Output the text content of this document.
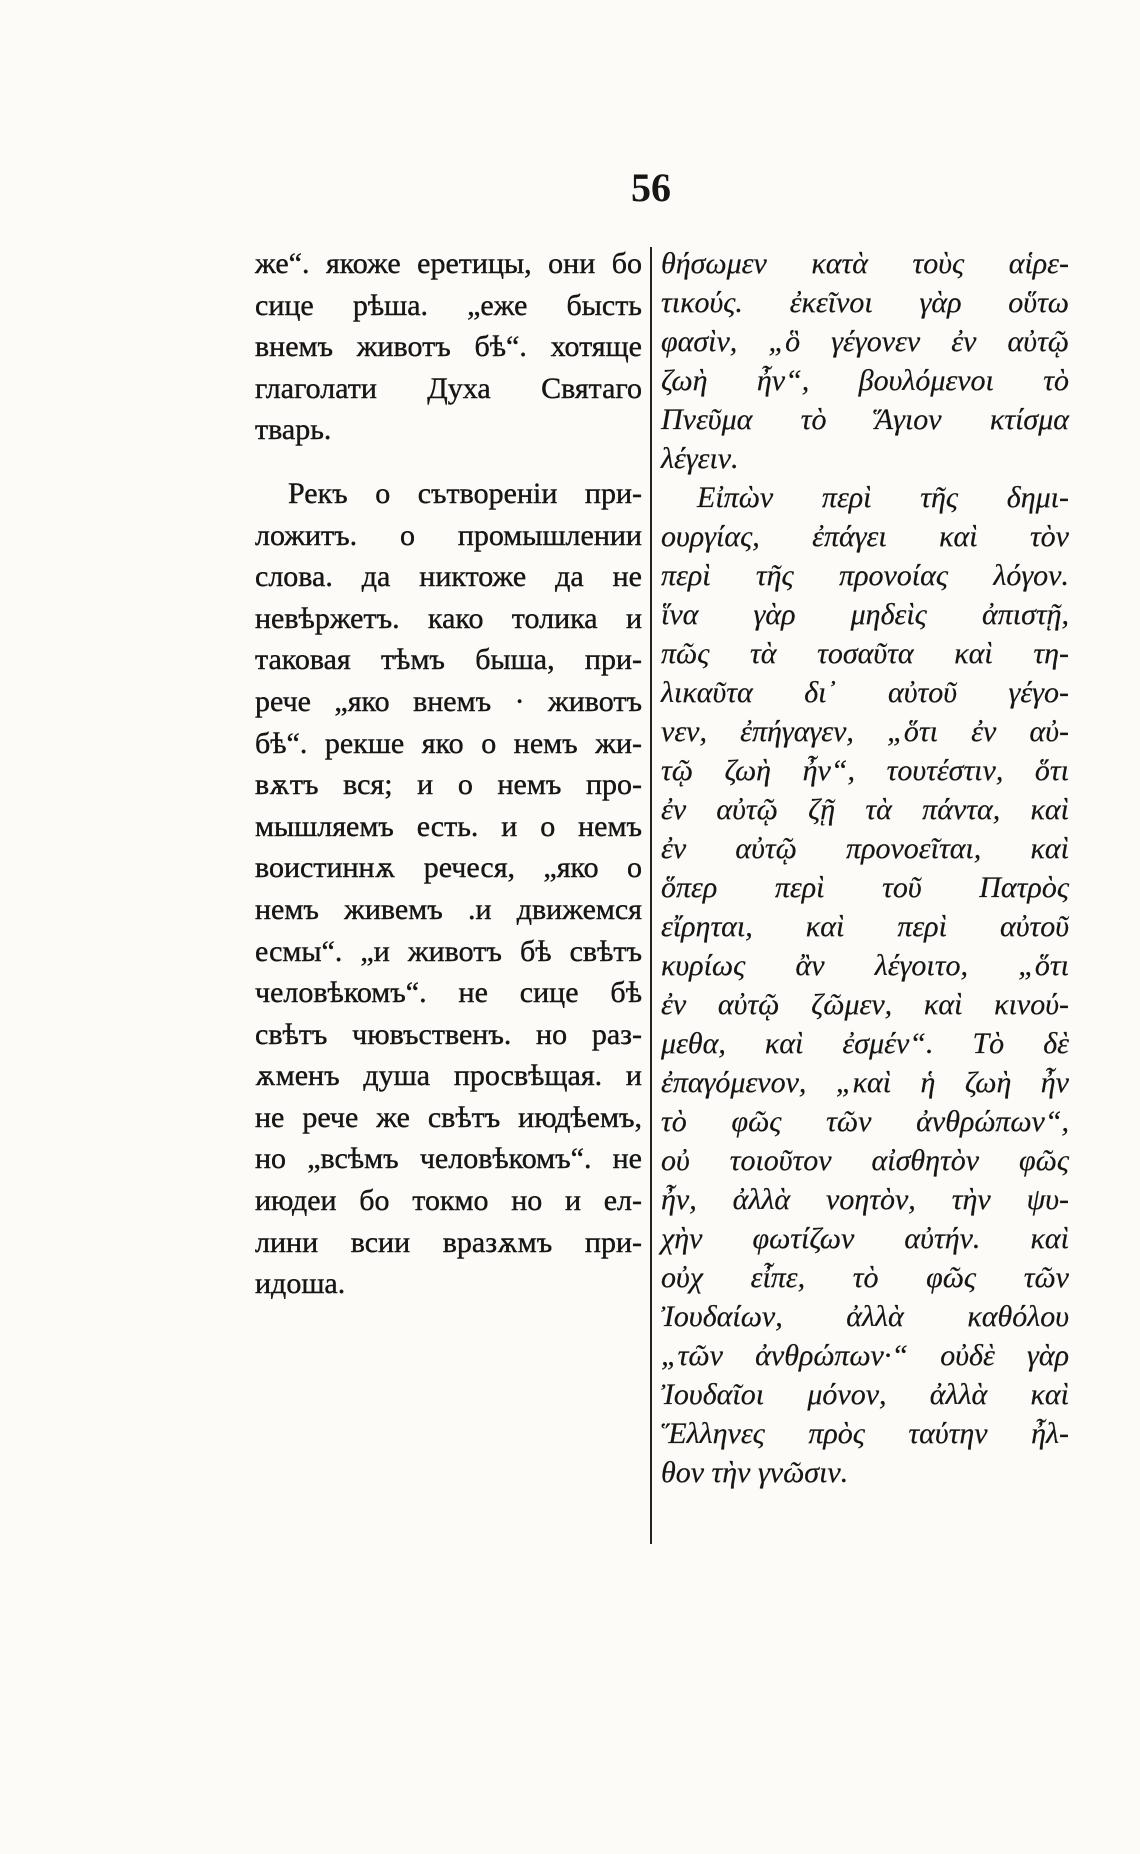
56
же“. якоже еретицы, они бо
сице рѣша. „еже бысть
внемъ животъ бѣ“. хотяще
глаголати Духа Святаго
тварь.
Рекъ о сътвореніи при-
ложитъ. о промышлении
слова. да никтоже да не
невѣржетъ. како толика и
таковая тѣмъ быша, при-
рече „яко внемъ · животъ
бѣ“. рекше яко о немъ жи-
вѫтъ вся; и о немъ про-
мышляемъ есть. и о немъ
воистиннѫ речеся, „яко о
немъ живемъ .и движемся
есмы“. „и животъ бѣ свѣтъ
человѣкомъ“. не сице бѣ
свѣтъ чювъственъ. но раз-
ѫменъ душа просвѣщая. и
не рече же свѣтъ июдѣемъ,
но „всѣмъ человѣкомъ“. не
июдеи бо токмо но и ел-
лини всии вразѫмъ при-
идоша.
θήσωμεν κατὰ τοὺς αἱρε-
τικούς. ἐκεῖνοι γὰρ οὕτω
φασὶν, „ὃ γέγονεν ἐν αὐτῷ
ζωὴ ἦν“, βουλόμενοι τὸ
Πνεῦμα τὸ Ἅγιον κτίσμα
λέγειν.
Εἰπὼν περὶ τῆς δημι-
ουργίας, ἐπάγει καὶ τὸν
περὶ τῆς προνοίας λόγον.
ἵνα γὰρ μηδεὶς ἀπιστῇ,
πῶς τὰ τοσαῦτα καὶ τη-
λικαῦτα δι᾿ αὐτοῦ γέγο-
νεν, ἐπήγαγεν, „ὅτι ἐν αὐ-
τῷ ζωὴ ἦν“, τουτέστιν, ὅτι
ἐν αὐτῷ ζῇ τὰ πάντα, καὶ
ἐν αὐτῷ προνοεῖται, καὶ
ὅπερ περὶ τοῦ Πατρὸς
εἴρηται, καὶ περὶ αὐτοῦ
κυρίως ἂν λέγοιτο, „ὅτι
ἐν αὐτῷ ζῶμεν, καὶ κινού-
μεθα, καὶ ἐσμέν“. Τὸ δὲ
ἐπαγόμενον, „καὶ ἡ ζωὴ ἦν
τὸ φῶς τῶν ἀνθρώπων“,
οὐ τοιοῦτον αἰσθητὸν φῶς
ἦν, ἀλλὰ νοητὸν, τὴν ψυ-
χὴν φωτίζων αὐτήν. καὶ
οὐχ εἶπε, τὸ φῶς τῶν
Ἰουδαίων, ἀλλὰ καθόλου
„τῶν ἀνθρώπων·“ οὐδὲ γὰρ
Ἰουδαῖοι μόνον, ἀλλὰ καὶ
Ἕλληνες πρὸς ταύτην ἦλ-
θον τὴν γνῶσιν.
